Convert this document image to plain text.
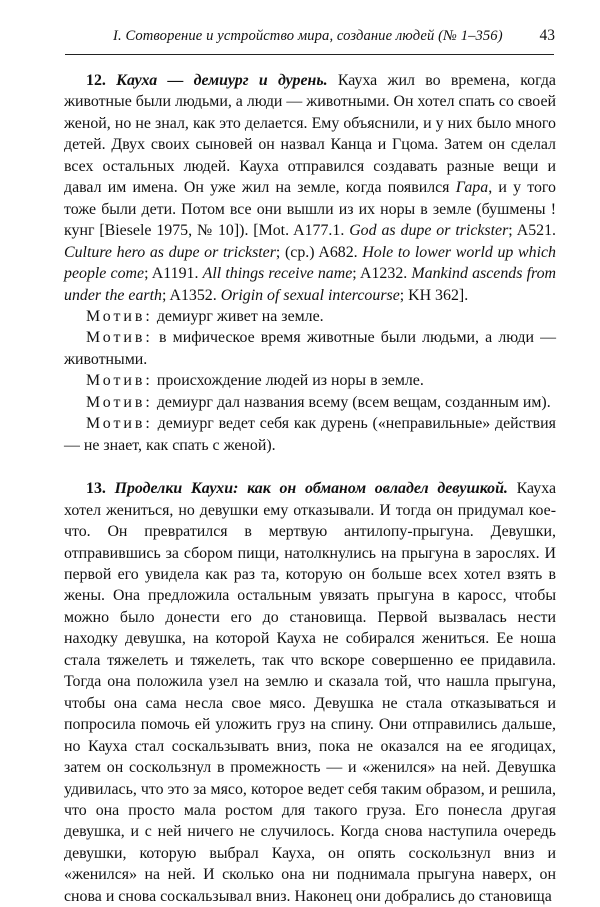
I. Сотворение и устройство мира, создание людей (№ 1–356) 43

12. Кауха — демиург и дурень. Кауха жил во времена, когда животные были людьми, а люди — животными. Он хотел спать со своей женой, но не знал, как это делается. Ему объяснили, и у них было много детей. Двух своих сыновей он назвал Канца и Гцома. Затем он сделал всех остальных людей. Кауха отправился создавать разные вещи и давал им имена. Он уже жил на земле, когда появился Гара, и у того тоже были дети. Потом все они вышли из их норы в земле (бушмены !кунг [Biesele 1975, № 10]). [Mot. A177.1. God as dupe or trickster; A521. Culture hero as dupe or trickster; (ср.) A682. Hole to lower world up which people come; A1191. All things receive name; A1232. Mankind ascends from under the earth; A1352. Origin of sexual intercourse; KH 362].

Мотив: демиург живет на земле.

Мотив: в мифическое время животные были людьми, а люди — животными.

Мотив: происхождение людей из норы в земле.

Мотив: демиург дал названия всему (всем вещам, созданным им).

Мотив: демиург ведет себя как дурень («неправильные» действия — не знает, как спать с женой).

13. Проделки Каухи: как он обманом овладел девушкой. Кауха хотел жениться, но девушки ему отказывали. И тогда он придумал кое-что. Он превратился в мертвую антилопу-прыгуна. Девушки, отправившись за сбором пищи, натолкнулись на прыгуна в зарослях. И первой его увидела как раз та, которую он больше всех хотел взять в жены. Она предложила остальным увязать прыгуна в каросс, чтобы можно было донести его до становища. Первой вызвалась нести находку девушка, на которой Кауха не собирался жениться. Ее ноша стала тяжелеть и тяжелеть, так что вскоре совершенно ее придавила. Тогда она положила узел на землю и сказала той, что нашла прыгуна, чтобы она сама несла свое мясо. Девушка не стала отказываться и попросила помочь ей уложить груз на спину. Они отправились дальше, но Кауха стал соскальзывать вниз, пока не оказался на ее ягодицах, затем он соскользнул в промежность — и «женился» на ней. Девушка удивилась, что это за мясо, которое ведет себя таким образом, и решила, что она просто мала ростом для такого груза. Его понесла другая девушка, и с ней ничего не случилось. Когда снова наступила очередь девушки, которую выбрал Кауха, он опять соскользнул вниз и «женился» на ней. И сколько она ни поднимала прыгуна наверх, он снова и снова соскальзывал вниз. Наконец они добрались до становища
